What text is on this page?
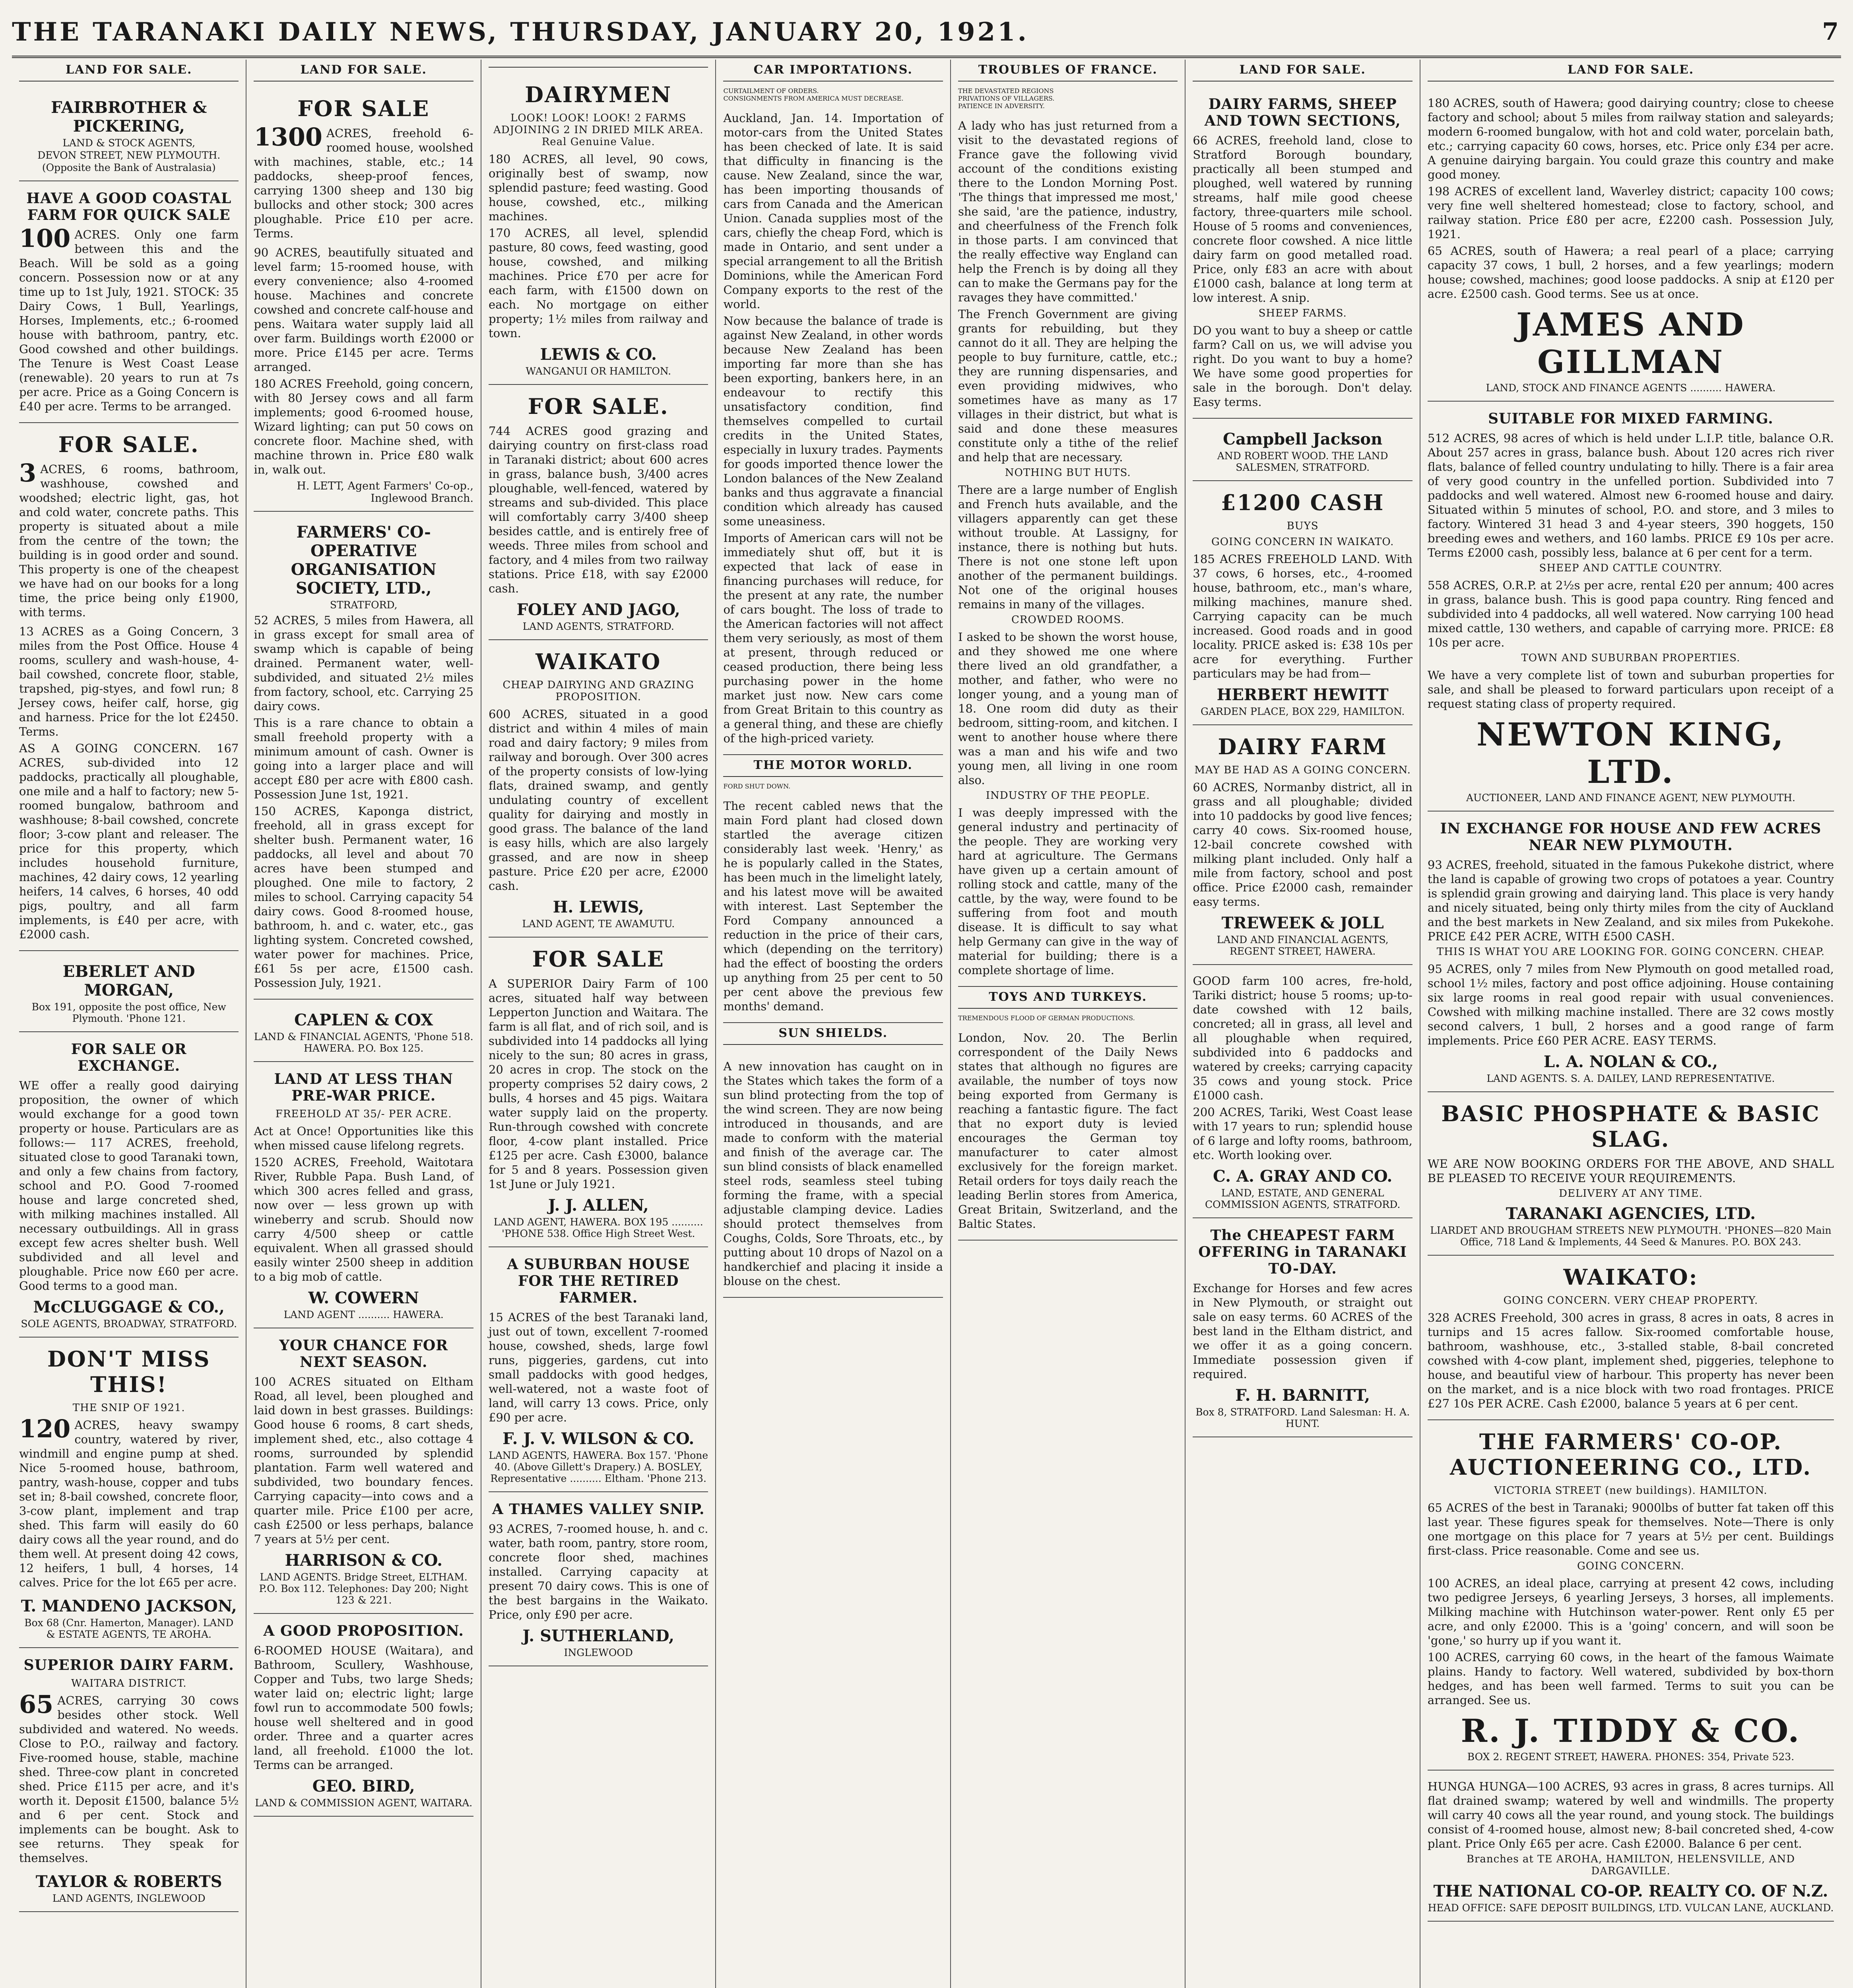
THE TARANAKI DAILY NEWS, THURSDAY, JANUARY 20, 1921.	7
LAND FOR SALE.
FAIRBROTHER & PICKERING,
LAND & STOCK AGENTS,
DEVON STREET, NEW PLYMOUTH.
(Opposite the Bank of Australasia)
HAVE A GOOD COASTAL FARM FOR QUICK SALE
100 ACRES. Only one farm between this and the Beach. Will be sold as a going concern. Possession now or at any time up to 1st July, 1921. STOCK: 35 Dairy Cows, 1 Bull, Yearlings, Horses, Implements, etc.; 6-roomed house with bathroom, pantry, etc. Good cowshed and other buildings. The Tenure is West Coast Lease (renewable). 20 years to run at 7s per acre. Price as a Going Concern is £40 per acre. Terms to be arranged.

FOR SALE.
3 ACRES, 6 rooms, bathroom, washhouse, cowshed and woodshed; electric light, gas, hot and cold water, concrete paths. This property is situated about a mile from the centre of the town; the building is in good order and sound. This property is one of the cheapest we have had on our books for a long time, the price being only £1900, with terms.

13 ACRES as a Going Concern, 3 miles from the Post Office. House 4 rooms, scullery and wash-house, 4-bail cowshed, concrete floor, stable, trapshed, pig-styes, and fowl run; 8 Jersey cows, heifer calf, horse, gig and harness. Price for the lot £2450. Terms.

AS A GOING CONCERN. 167 ACRES, sub-divided into 12 paddocks, practically all ploughable, one mile and a half to factory; new 5-roomed bungalow, bathroom and washhouse; 8-bail cowshed, concrete floor; 3-cow plant and releaser. The price for this property, which includes household furniture, machines, 42 dairy cows, 12 yearling heifers, 14 calves, 6 horses, 40 odd pigs, poultry, and all farm implements, is £40 per acre, with £2000 cash.

EBERLET AND MORGAN,
Box 191, opposite the post office, New Plymouth. 'Phone 121.
FOR SALE OR EXCHANGE.

WE offer a really good dairying proposition, the owner of which would exchange for a good town property or house. Particulars are as follows:— 117 ACRES, freehold, situated close to good Taranaki town, and only a few chains from factory, school and P.O. Good 7-roomed house and large concreted shed, with milking machines installed. All necessary outbuildings. All in grass except few acres shelter bush. Well subdivided and all level and ploughable. Price now £60 per acre. Good terms to a good man.

McCLUGGAGE & CO.,
SOLE AGENTS, BROADWAY, STRATFORD.
DON'T MISS THIS!
THE SNIP OF 1921.
120 ACRES, heavy swampy country, watered by river, windmill and engine pump at shed. Nice 5-roomed house, bathroom, pantry, wash-house, copper and tubs set in; 8-bail cowshed, concrete floor, 3-cow plant, implement and trap shed. This farm will easily do 60 dairy cows all the year round, and do them well. At present doing 42 cows, 12 heifers, 1 bull, 4 horses, 14 calves. Price for the lot £65 per acre.

T. MANDENO JACKSON,
Box 68 (Cnr. Hamerton, Manager). LAND & ESTATE AGENTS, TE AROHA.
SUPERIOR DAIRY FARM.
WAITARA DISTRICT.
65 ACRES, carrying 30 cows besides other stock. Well subdivided and watered. No weeds. Close to P.O., railway and factory. Five-roomed house, stable, machine shed. Three-cow plant in concreted shed. Price £115 per acre, and it's worth it. Deposit £1500, balance 5½ and 6 per cent. Stock and implements can be bought. Ask to see returns. They speak for themselves.

TAYLOR & ROBERTS
LAND AGENTS, INGLEWOOD
LAND FOR SALE.
FOR SALE
1300 ACRES, freehold 6-roomed house, woolshed with machines, stable, etc.; 14 paddocks, sheep-proof fences, carrying 1300 sheep and 130 big bullocks and other stock; 300 acres ploughable. Price £10 per acre. Terms.

90 ACRES, beautifully situated and level farm; 15-roomed house, with every convenience; also 4-roomed house. Machines and concrete cowshed and concrete calf-house and pens. Waitara water supply laid all over farm. Buildings worth £2000 or more. Price £145 per acre. Terms arranged.

180 ACRES Freehold, going concern, with 80 Jersey cows and all farm implements; good 6-roomed house, Wizard lighting; can put 50 cows on concrete floor. Machine shed, with machine thrown in. Price £80 walk in, walk out.

H. LETT, Agent Farmers' Co-op., Inglewood Branch.
FARMERS' CO-OPERATIVE ORGANISATION SOCIETY, LTD.,
STRATFORD,

52 ACRES, 5 miles from Hawera, all in grass except for small area of swamp which is capable of being drained. Permanent water, well-subdivided, and situated 2½ miles from factory, school, etc. Carrying 25 dairy cows.

This is a rare chance to obtain a small freehold property with a minimum amount of cash. Owner is going into a larger place and will accept £80 per acre with £800 cash. Possession June 1st, 1921.

150 ACRES, Kaponga district, freehold, all in grass except for shelter bush. Permanent water, 16 paddocks, all level and about 70 acres have been stumped and ploughed. One mile to factory, 2 miles to school. Carrying capacity 54 dairy cows. Good 8-roomed house, bathroom, h. and c. water, etc., gas lighting system. Concreted cowshed, water power for machines. Price, £61 5s per acre, £1500 cash. Possession July, 1921.

CAPLEN & COX
LAND & FINANCIAL AGENTS, 'Phone 518. HAWERA. P.O. Box 125.
LAND AT LESS THAN PRE-WAR PRICE.
FREEHOLD AT 35/- PER ACRE.

Act at Once! Opportunities like this when missed cause lifelong regrets.

1520 ACRES, Freehold, Waitotara River, Rubble Papa. Bush Land, of which 300 acres felled and grass, now over — less grown up with wineberry and scrub. Should now carry 4/500 sheep or cattle equivalent. When all grassed should easily winter 2500 sheep in addition to a big mob of cattle.

W. COWERN
LAND AGENT .......... HAWERA.
YOUR CHANCE FOR NEXT SEASON.

100 ACRES situated on Eltham Road, all level, been ploughed and laid down in best grasses. Buildings: Good house 6 rooms, 8 cart sheds, implement shed, etc., also cottage 4 rooms, surrounded by splendid plantation. Farm well watered and subdivided, two boundary fences. Carrying capacity—into cows and a quarter mile. Price £100 per acre, cash £2500 or less perhaps, balance 7 years at 5½ per cent.

HARRISON & CO.
LAND AGENTS. Bridge Street, ELTHAM. P.O. Box 112. Telephones: Day 200; Night 123 & 221.
A GOOD PROPOSITION.

6-ROOMED HOUSE (Waitara), and Bathroom, Scullery, Washhouse, Copper and Tubs, two large Sheds; water laid on; electric light; large fowl run to accommodate 500 fowls; house well sheltered and in good order. Three and a quarter acres land, all freehold. £1000 the lot. Terms can be arranged.

GEO. BIRD,
LAND & COMMISSION AGENT, WAITARA.
DAIRYMEN
LOOK! LOOK! LOOK! 2 FARMS ADJOINING 2 IN DRIED MILK AREA. Real Genuine Value.

180 ACRES, all level, 90 cows, originally best of swamp, now splendid pasture; feed wasting. Good house, cowshed, etc., milking machines.

170 ACRES, all level, splendid pasture, 80 cows, feed wasting, good house, cowshed, and milking machines. Price £70 per acre for each farm, with £1500 down on each. No mortgage on either property; 1½ miles from railway and town.

LEWIS & CO.
WANGANUI OR HAMILTON.
FOR SALE.

744 ACRES good grazing and dairying country on first-class road in Taranaki district; about 600 acres in grass, balance bush, 3/400 acres ploughable, well-fenced, watered by streams and sub-divided. This place will comfortably carry 3/400 sheep besides cattle, and is entirely free of weeds. Three miles from school and factory, and 4 miles from two railway stations. Price £18, with say £2000 cash.

FOLEY AND JAGO,
LAND AGENTS, STRATFORD.
WAIKATO
CHEAP DAIRYING AND GRAZING PROPOSITION.

600 ACRES, situated in a good district and within 4 miles of main road and dairy factory; 9 miles from railway and borough. Over 300 acres of the property consists of low-lying flats, drained swamp, and gently undulating country of excellent quality for dairying and mostly in good grass. The balance of the land is easy hills, which are also largely grassed, and are now in sheep pasture. Price £20 per acre, £2000 cash.

H. LEWIS,
LAND AGENT, TE AWAMUTU.
FOR SALE

A SUPERIOR Dairy Farm of 100 acres, situated half way between Lepperton Junction and Waitara. The farm is all flat, and of rich soil, and is subdivided into 14 paddocks all lying nicely to the sun; 80 acres in grass, 20 acres in crop. The stock on the property comprises 52 dairy cows, 2 bulls, 4 horses and 45 pigs. Waitara water supply laid on the property. Run-through cowshed with concrete floor, 4-cow plant installed. Price £125 per acre. Cash £3000, balance for 5 and 8 years. Possession given 1st June or July 1921.

J. J. ALLEN,
LAND AGENT, HAWERA. BOX 195 .......... 'PHONE 538. Office High Street West.
A SUBURBAN HOUSE FOR THE RETIRED FARMER.

15 ACRES of the best Taranaki land, just out of town, excellent 7-roomed house, cowshed, sheds, large fowl runs, piggeries, gardens, cut into small paddocks with good hedges, well-watered, not a waste foot of land, will carry 13 cows. Price, only £90 per acre.

F. J. V. WILSON & CO.
LAND AGENTS, HAWERA. Box 157. 'Phone 40. (Above Gillett's Drapery.) A. BOSLEY, Representative .......... Eltham. 'Phone 213.
A THAMES VALLEY SNIP.

93 ACRES, 7-roomed house, h. and c. water, bath room, pantry, store room, concrete floor shed, machines installed. Carrying capacity at present 70 dairy cows. This is one of the best bargains in the Waikato. Price, only £90 per acre.

J. SUTHERLAND,
INGLEWOOD
CAR IMPORTATIONS.
CURTAILMENT OF ORDERS.
CONSIGNMENTS FROM AMERICA MUST DECREASE.

Auckland, Jan. 14. Importation of motor-cars from the United States has been checked of late. It is said that difficulty in financing is the cause. New Zealand, since the war, has been importing thousands of cars from Canada and the American Union. Canada supplies most of the cars, chiefly the cheap Ford, which is made in Ontario, and sent under a special arrangement to all the British Dominions, while the American Ford Company exports to the rest of the world.

Now because the balance of trade is against New Zealand, in other words because New Zealand has been importing far more than she has been exporting, bankers here, in an endeavour to rectify this unsatisfactory condition, find themselves compelled to curtail credits in the United States, especially in luxury trades. Payments for goods imported thence lower the London balances of the New Zealand banks and thus aggravate a financial condition which already has caused some uneasiness.

Imports of American cars will not be immediately shut off, but it is expected that lack of ease in financing purchases will reduce, for the present at any rate, the number of cars bought. The loss of trade to the American factories will not affect them very seriously, as most of them at present, through reduced or ceased production, there being less purchasing power in the home market just now. New cars come from Great Britain to this country as a general thing, and these are chiefly of the high-priced variety.

THE MOTOR WORLD.
FORD SHUT DOWN.

The recent cabled news that the main Ford plant had closed down startled the average citizen considerably last week. 'Henry,' as he is popularly called in the States, has been much in the limelight lately, and his latest move will be awaited with interest. Last September the Ford Company announced a reduction in the price of their cars, which (depending on the territory) had the effect of boosting the orders up anything from 25 per cent to 50 per cent above the previous few months' demand.

SUN SHIELDS.

A new innovation has caught on in the States which takes the form of a sun blind protecting from the top of the wind screen. They are now being introduced in thousands, and are made to conform with the material and finish of the average car. The sun blind consists of black enamelled steel rods, seamless steel tubing forming the frame, with a special adjustable clamping device. Ladies should protect themselves from Coughs, Colds, Sore Throats, etc., by putting about 10 drops of Nazol on a handkerchief and placing it inside a blouse on the chest.

TROUBLES OF FRANCE.
THE DEVASTATED REGIONS
PRIVATIONS OF VILLAGERS.
PATIENCE IN ADVERSITY.

A lady who has just returned from a visit to the devastated regions of France gave the following vivid account of the conditions existing there to the London Morning Post. 'The things that impressed me most,' she said, 'are the patience, industry, and cheerfulness of the French folk in those parts. I am convinced that the really effective way England can help the French is by doing all they can to make the Germans pay for the ravages they have committed.'

The French Government are giving grants for rebuilding, but they cannot do it all. They are helping the people to buy furniture, cattle, etc.; they are running dispensaries, and even providing midwives, who sometimes have as many as 17 villages in their district, but what is said and done these measures constitute only a tithe of the relief and help that are necessary.

NOTHING BUT HUTS.

There are a large number of English and French huts available, and the villagers apparently can get these without trouble. At Lassigny, for instance, there is nothing but huts. There is not one stone left upon another of the permanent buildings. Not one of the original houses remains in many of the villages.

CROWDED ROOMS.

I asked to be shown the worst house, and they showed me one where there lived an old grandfather, a mother, and father, who were no longer young, and a young man of 18. One room did duty as their bedroom, sitting-room, and kitchen. I went to another house where there was a man and his wife and two young men, all living in one room also.

INDUSTRY OF THE PEOPLE.

I was deeply impressed with the general industry and pertinacity of the people. They are working very hard at agriculture. The Germans have given up a certain amount of rolling stock and cattle, many of the cattle, by the way, were found to be suffering from foot and mouth disease. It is difficult to say what help Germany can give in the way of material for building; there is a complete shortage of lime.

TOYS AND TURKEYS.
TREMENDOUS FLOOD OF GERMAN PRODUCTIONS.

London, Nov. 20. The Berlin correspondent of the Daily News states that although no figures are available, the number of toys now being exported from Germany is reaching a fantastic figure. The fact that no export duty is levied encourages the German toy manufacturer to cater almost exclusively for the foreign market. Retail orders for toys daily reach the leading Berlin stores from America, Great Britain, Switzerland, and the Baltic States.

LAND FOR SALE.
DAIRY FARMS, SHEEP AND TOWN SECTIONS,

66 ACRES, freehold land, close to Stratford Borough boundary, practically all been stumped and ploughed, well watered by running streams, half mile good cheese factory, three-quarters mile school. House of 5 rooms and conveniences, concrete floor cowshed. A nice little dairy farm on good metalled road. Price, only £83 an acre with about £1000 cash, balance at long term at low interest. A snip.

SHEEP FARMS.

DO you want to buy a sheep or cattle farm? Call on us, we will advise you right. Do you want to buy a home? We have some good properties for sale in the borough. Don't delay. Easy terms.

Campbell Jackson
AND ROBERT WOOD. THE LAND SALESMEN, STRATFORD.
£1200 CASH
BUYS
GOING CONCERN IN WAIKATO.

185 ACRES FREEHOLD LAND. With 37 cows, 6 horses, etc., 4-roomed house, bathroom, etc., man's whare, milking machines, manure shed. Carrying capacity can be much increased. Good roads and in good locality. PRICE asked is: £38 10s per acre for everything. Further particulars may be had from—

HERBERT HEWITT
GARDEN PLACE, BOX 229, HAMILTON.
DAIRY FARM
MAY BE HAD AS A GOING CONCERN.

60 ACRES, Normanby district, all in grass and all ploughable; divided into 10 paddocks by good live fences; carry 40 cows. Six-roomed house, 12-bail concrete cowshed with milking plant included. Only half a mile from factory, school and post office. Price £2000 cash, remainder easy terms.

TREWEEK & JOLL
LAND AND FINANCIAL AGENTS, REGENT STREET, HAWERA.

GOOD farm 100 acres, fre-hold, Tariki district; house 5 rooms; up-to-date cowshed with 12 bails, concreted; all in grass, all level and all ploughable when required, subdivided into 6 paddocks and watered by creeks; carrying capacity 35 cows and young stock. Price £1000 cash.

200 ACRES, Tariki, West Coast lease with 17 years to run; splendid house of 6 large and lofty rooms, bathroom, etc. Worth looking over.

C. A. GRAY AND CO.
LAND, ESTATE, AND GENERAL COMMISSION AGENTS, STRATFORD.
The CHEAPEST FARM OFFERING in TARANAKI TO-DAY.

Exchange for Horses and few acres in New Plymouth, or straight out sale on easy terms. 60 ACRES of the best land in the Eltham district, and we offer it as a going concern. Immediate possession given if required.

F. H. BARNITT,
Box 8, STRATFORD. Land Salesman: H. A. HUNT.
LAND FOR SALE.

180 ACRES, south of Hawera; good dairying country; close to cheese factory and school; about 5 miles from railway station and saleyards; modern 6-roomed bungalow, with hot and cold water, porcelain bath, etc.; carrying capacity 60 cows, horses, etc. Price only £34 per acre. A genuine dairying bargain. You could graze this country and make good money.

198 ACRES of excellent land, Waverley district; capacity 100 cows; very fine well sheltered homestead; close to factory, school, and railway station. Price £80 per acre, £2200 cash. Possession July, 1921.

65 ACRES, south of Hawera; a real pearl of a place; carrying capacity 37 cows, 1 bull, 2 horses, and a few yearlings; modern house; cowshed, machines; good loose paddocks. A snip at £120 per acre. £2500 cash. Good terms. See us at once.

JAMES AND GILLMAN
LAND, STOCK AND FINANCE AGENTS .......... HAWERA.
SUITABLE FOR MIXED FARMING.

512 ACRES, 98 acres of which is held under L.I.P. title, balance O.R. About 257 acres in grass, balance bush. About 120 acres rich river flats, balance of felled country undulating to hilly. There is a fair area of very good country in the unfelled portion. Subdivided into 7 paddocks and well watered. Almost new 6-roomed house and dairy. Situated within 5 minutes of school, P.O. and store, and 3 miles to factory. Wintered 31 head 3 and 4-year steers, 390 hoggets, 150 breeding ewes and wethers, and 160 lambs. PRICE £9 10s per acre. Terms £2000 cash, possibly less, balance at 6 per cent for a term.

SHEEP AND CATTLE COUNTRY.

558 ACRES, O.R.P. at 2½s per acre, rental £20 per annum; 400 acres in grass, balance bush. This is good papa country. Ring fenced and subdivided into 4 paddocks, all well watered. Now carrying 100 head mixed cattle, 130 wethers, and capable of carrying more. PRICE: £8 10s per acre.

TOWN AND SUBURBAN PROPERTIES.

We have a very complete list of town and suburban properties for sale, and shall be pleased to forward particulars upon receipt of a request stating class of property required.

NEWTON KING, LTD.
AUCTIONEER, LAND AND FINANCE AGENT, NEW PLYMOUTH.
IN EXCHANGE FOR HOUSE AND FEW ACRES NEAR NEW PLYMOUTH.

93 ACRES, freehold, situated in the famous Pukekohe district, where the land is capable of growing two crops of potatoes a year. Country is splendid grain growing and dairying land. This place is very handy and nicely situated, being only thirty miles from the city of Auckland and the best markets in New Zealand, and six miles from Pukekohe. PRICE £42 PER ACRE, WITH £500 CASH.

THIS IS WHAT YOU ARE LOOKING FOR. GOING CONCERN. CHEAP.

95 ACRES, only 7 miles from New Plymouth on good metalled road, school 1½ miles, factory and post office adjoining. House containing six large rooms in real good repair with usual conveniences. Cowshed with milking machine installed. There are 32 cows mostly second calvers, 1 bull, 2 horses and a good range of farm implements. Price £60 PER ACRE. EASY TERMS.

L. A. NOLAN & CO.,
LAND AGENTS. S. A. DAILEY, LAND REPRESENTATIVE.
BASIC PHOSPHATE & BASIC SLAG.

WE ARE NOW BOOKING ORDERS FOR THE ABOVE, AND SHALL BE PLEASED TO RECEIVE YOUR REQUIREMENTS.

DELIVERY AT ANY TIME.
TARANAKI AGENCIES, LTD.
LIARDET AND BROUGHAM STREETS NEW PLYMOUTH. 'PHONES—820 Main Office, 718 Land & Implements, 44 Seed & Manures. P.O. BOX 243.
WAIKATO:
GOING CONCERN. VERY CHEAP PROPERTY.

328 ACRES Freehold, 300 acres in grass, 8 acres in oats, 8 acres in turnips and 15 acres fallow. Six-roomed comfortable house, bathroom, washhouse, etc., 3-stalled stable, 8-bail concreted cowshed with 4-cow plant, implement shed, piggeries, telephone to house, and beautiful view of harbour. This property has never been on the market, and is a nice block with two road frontages. PRICE £27 10s PER ACRE. Cash £2000, balance 5 years at 6 per cent.

THE FARMERS' CO-OP. AUCTIONEERING CO., LTD.
VICTORIA STREET (new buildings). HAMILTON.

65 ACRES of the best in Taranaki; 9000lbs of butter fat taken off this last year. These figures speak for themselves. Note—There is only one mortgage on this place for 7 years at 5½ per cent. Buildings first-class. Price reasonable. Come and see us.

GOING CONCERN.

100 ACRES, an ideal place, carrying at present 42 cows, including two pedigree Jerseys, 6 yearling Jerseys, 3 horses, all implements. Milking machine with Hutchinson water-power. Rent only £5 per acre, and only £2000. This is a 'going' concern, and will soon be 'gone,' so hurry up if you want it.

100 ACRES, carrying 60 cows, in the heart of the famous Waimate plains. Handy to factory. Well watered, subdivided by box-thorn hedges, and has been well farmed. Terms to suit you can be arranged. See us.

R. J. TIDDY & CO.
BOX 2. REGENT STREET, HAWERA. PHONES: 354, Private 523.

HUNGA HUNGA—100 ACRES, 93 acres in grass, 8 acres turnips. All flat drained swamp; watered by well and windmills. The property will carry 40 cows all the year round, and young stock. The buildings consist of 4-roomed house, almost new; 8-bail concreted shed, 4-cow plant. Price Only £65 per acre. Cash £2000. Balance 6 per cent.

Branches at TE AROHA, HAMILTON, HELENSVILLE, AND DARGAVILLE.
THE NATIONAL CO-OP. REALTY CO. OF N.Z.
HEAD OFFICE: SAFE DEPOSIT BUILDINGS, LTD. VULCAN LANE, AUCKLAND.
